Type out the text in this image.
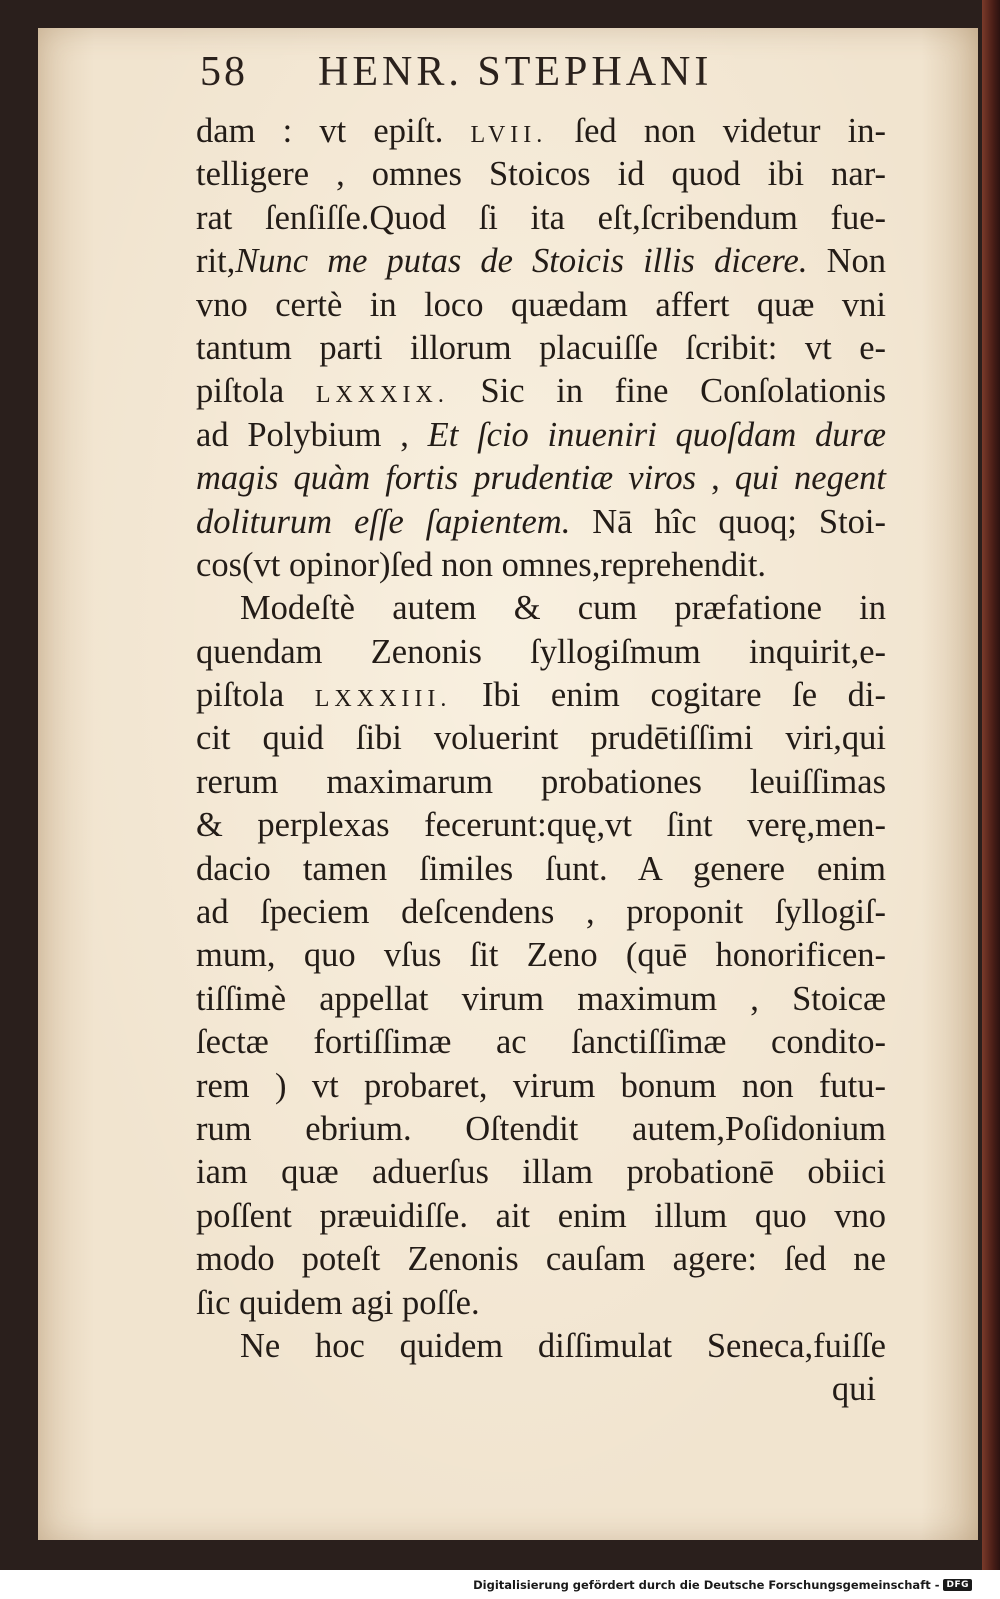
58 HENR. STEPHANI
dam : vt epiſt. LVII. ſed non videtur in-
telligere , omnes Stoicos id quod ibi nar-
rat ſenſiſſe.Quod ſi ita eſt,ſcribendum fue-
rit,Nunc me putas de Stoicis illis dicere. Non
vno certè in loco quædam affert quæ vni
tantum parti illorum placuiſſe ſcribit: vt e-
piſtola LXXXIX. Sic in fine Conſolationis
ad Polybium , Et ſcio inueniri quoſdam duræ
magis quàm fortis prudentiæ viros , qui negent
doliturum eſſe ſapientem. Nā hîc quoq; Stoi-
cos(vt opinor)ſed non omnes,reprehendit.
Modeſtè autem & cum præfatione in
quendam Zenonis ſyllogiſmum inquirit,e-
piſtola LXXXIII. Ibi enim cogitare ſe di-
cit quid ſibi voluerint prudētiſſimi viri,qui
rerum maximarum probationes leuiſſimas
& perplexas fecerunt:quę,vt ſint verę,men-
dacio tamen ſimiles ſunt. A genere enim
ad ſpeciem deſcendens , proponit ſyllogiſ-
mum, quo vſus ſit Zeno (quē honorificen-
tiſſimè appellat virum maximum , Stoicæ
ſectæ fortiſſimæ ac ſanctiſſimæ condito-
rem ) vt probaret, virum bonum non futu-
rum ebrium. Oſtendit autem,Poſidonium
iam quæ aduerſus illam probationē obiici
poſſent præuidiſſe. ait enim illum quo vno
modo poteſt Zenonis cauſam agere: ſed ne
ſic quidem agi poſſe.
Ne hoc quidem diſſimulat Seneca,fuiſſe
qui
Digitalisierung gefördert durch die Deutsche Forschungsgemeinschaft - DFG
